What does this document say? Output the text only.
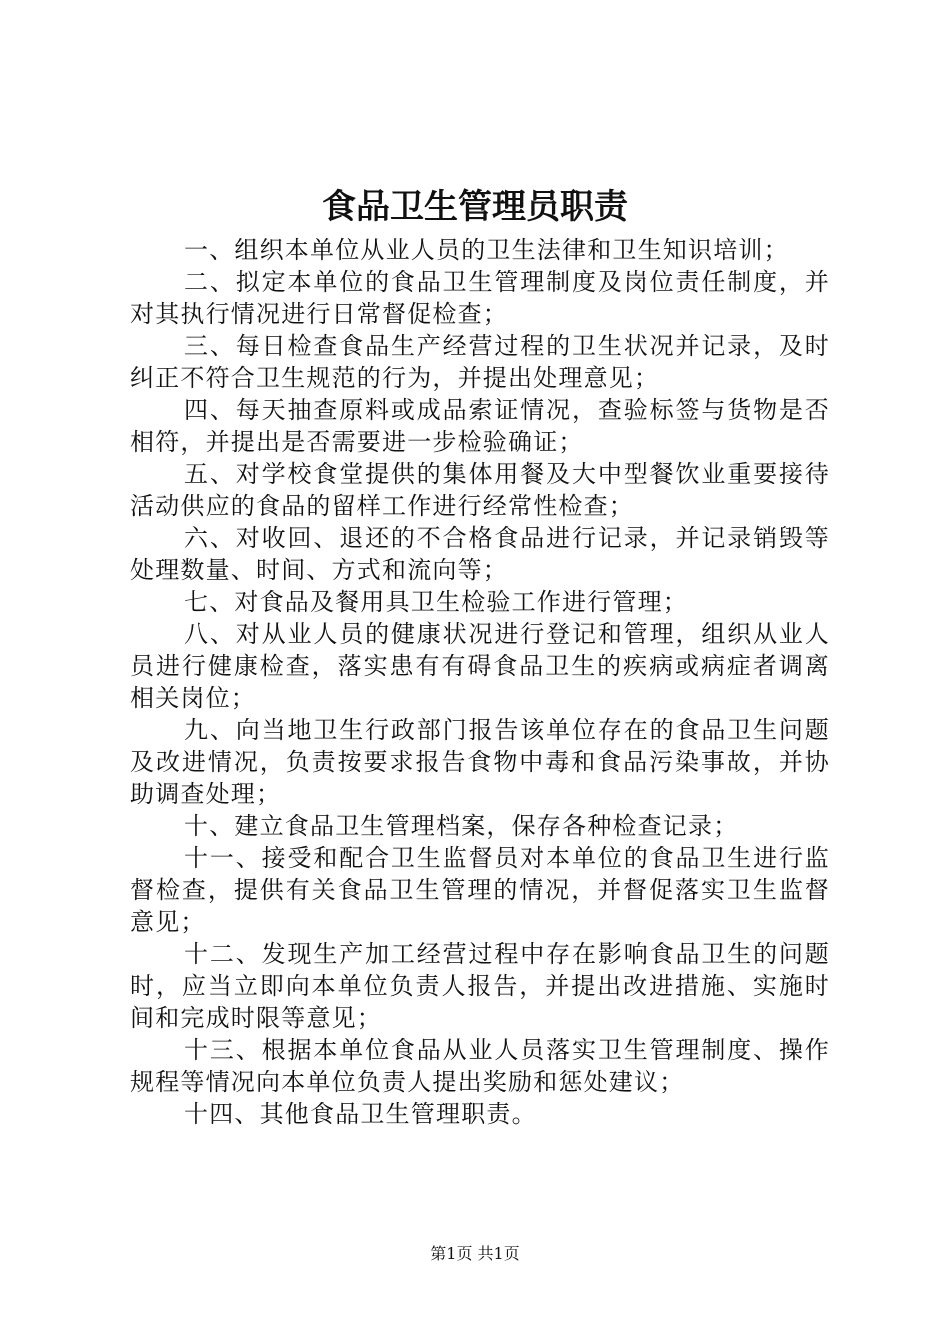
食品卫生管理员职责

一、组织本单位从业人员的卫生法律和卫生知识培训；

二、拟定本单位的食品卫生管理制度及岗位责任制度，并对其执行情况进行日常督促检查；

三、每日检查食品生产经营过程的卫生状况并记录，及时纠正不符合卫生规范的行为，并提出处理意见；

四、每天抽查原料或成品索证情况，查验标签与货物是否相符，并提出是否需要进一步检验确证；

五、对学校食堂提供的集体用餐及大中型餐饮业重要接待活动供应的食品的留样工作进行经常性检查；

六、对收回、退还的不合格食品进行记录，并记录销毁等处理数量、时间、方式和流向等；

七、对食品及餐用具卫生检验工作进行管理；

八、对从业人员的健康状况进行登记和管理，组织从业人员进行健康检查，落实患有有碍食品卫生的疾病或病症者调离相关岗位；

九、向当地卫生行政部门报告该单位存在的食品卫生问题及改进情况，负责按要求报告食物中毒和食品污染事故，并协助调查处理；

十、建立食品卫生管理档案，保存各种检查记录；

十一、接受和配合卫生监督员对本单位的食品卫生进行监督检查，提供有关食品卫生管理的情况，并督促落实卫生监督意见；

十二、发现生产加工经营过程中存在影响食品卫生的问题时，应当立即向本单位负责人报告，并提出改进措施、实施时间和完成时限等意见；

十三、根据本单位食品从业人员落实卫生管理制度、操作规程等情况向本单位负责人提出奖励和惩处建议；

十四、其他食品卫生管理职责。

第1页 共1页
